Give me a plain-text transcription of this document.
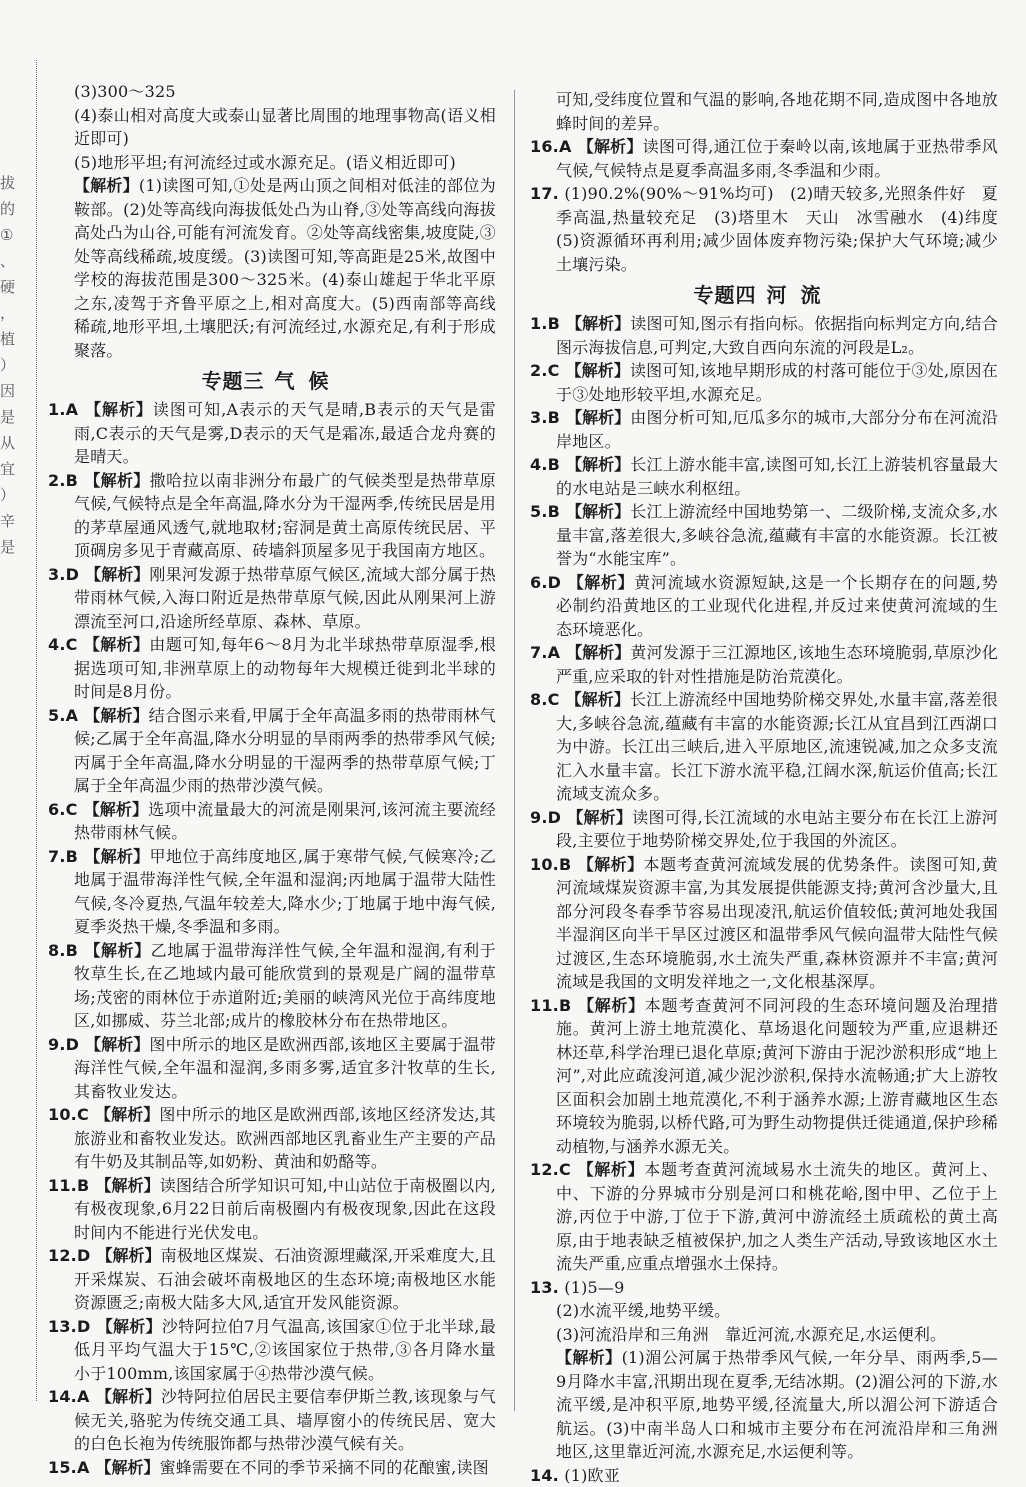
拔
的
①
、
硬
，
植
）
因
是
从
宜
）
辛
是

(3)300～325

(4)泰山相对高度大或泰山显著比周围的地理事物高(语义相近即可)

(5)地形平坦;有河流经过或水源充足。(语义相近即可)

【解析】(1)读图可知,①处是两山顶之间相对低洼的部位为鞍部。(2)处等高线向海拔低处凸为山脊,③处等高线向海拔高处凸为山谷,可能有河流发育。②处等高线密集,坡度陡,③处等高线稀疏,坡度缓。(3)读图可知,等高距是25米,故图中学校的海拔范围是300～325米。(4)泰山雄起于华北平原之东,凌驾于齐鲁平原之上,相对高度大。(5)西南部等高线稀疏,地形平坦,土壤肥沃;有河流经过,水源充足,有利于形成聚落。

专题三 气候

1.A 【解析】读图可知,A表示的天气是晴,B表示的天气是雷雨,C表示的天气是雾,D表示的天气是霜冻,最适合龙舟赛的是晴天。

2.B 【解析】撒哈拉以南非洲分布最广的气候类型是热带草原气候,气候特点是全年高温,降水分为干湿两季,传统民居是用的茅草屋通风透气,就地取材;窑洞是黄土高原传统民居、平顶碉房多见于青藏高原、砖墙斜顶屋多见于我国南方地区。

3.D 【解析】刚果河发源于热带草原气候区,流域大部分属于热带雨林气候,入海口附近是热带草原气候,因此从刚果河上游漂流至河口,沿途所经草原、森林、草原。

4.C 【解析】由题可知,每年6～8月为北半球热带草原湿季,根据选项可知,非洲草原上的动物每年大规模迁徙到北半球的时间是8月份。

5.A 【解析】结合图示来看,甲属于全年高温多雨的热带雨林气候;乙属于全年高温,降水分明显的旱雨两季的热带季风气候;丙属于全年高温,降水分明显的干湿两季的热带草原气候;丁属于全年高温少雨的热带沙漠气候。

6.C 【解析】选项中流量最大的河流是刚果河,该河流主要流经热带雨林气候。

7.B 【解析】甲地位于高纬度地区,属于寒带气候,气候寒冷;乙地属于温带海洋性气候,全年温和湿润;丙地属于温带大陆性气候,冬冷夏热,气温年较差大,降水少;丁地属于地中海气候,夏季炎热干燥,冬季温和多雨。

8.B 【解析】乙地属于温带海洋性气候,全年温和湿润,有利于牧草生长,在乙地域内最可能欣赏到的景观是广阔的温带草场;茂密的雨林位于赤道附近;美丽的峡湾风光位于高纬度地区,如挪威、芬兰北部;成片的橡胶林分布在热带地区。

9.D 【解析】图中所示的地区是欧洲西部,该地区主要属于温带海洋性气候,全年温和湿润,多雨多雾,适宜多汁牧草的生长,其畜牧业发达。

10.C 【解析】图中所示的地区是欧洲西部,该地区经济发达,其旅游业和畜牧业发达。欧洲西部地区乳畜业生产主要的产品有牛奶及其制品等,如奶粉、黄油和奶酪等。

11.B 【解析】读图结合所学知识可知,中山站位于南极圈以内,有极夜现象,6月22日前后南极圈内有极夜现象,因此在这段时间内不能进行光伏发电。

12.D 【解析】南极地区煤炭、石油资源埋藏深,开采难度大,且开采煤炭、石油会破坏南极地区的生态环境;南极地区水能资源匮乏;南极大陆多大风,适宜开发风能资源。

13.D 【解析】沙特阿拉伯7月气温高,该国家①位于北半球,最低月平均气温大于15℃,②该国家位于热带,③各月降水量小于100mm,该国家属于④热带沙漠气候。

14.A 【解析】沙特阿拉伯居民主要信奉伊斯兰教,该现象与气候无关,骆驼为传统交通工具、墙厚窗小的传统民居、宽大的白色长袍为传统服饰都与热带沙漠气候有关。

15.A 【解析】蜜蜂需要在不同的季节采摘不同的花酿蜜,读图

可知,受纬度位置和气温的影响,各地花期不同,造成图中各地放蜂时间的差异。

16.A 【解析】读图可得,通江位于秦岭以南,该地属于亚热带季风气候,气候特点是夏季高温多雨,冬季温和少雨。

17. (1)90.2%(90%～91%均可)　(2)晴天较多,光照条件好　夏季高温,热量较充足　(3)塔里木　天山　冰雪融水　(4)纬度　(5)资源循环再利用;减少固体废弃物污染;保护大气环境;减少土壤污染。

专题四 河流

1.B 【解析】读图可知,图示有指向标。依据指向标判定方向,结合图示海拔信息,可判定,大致自西向东流的河段是L₂。

2.C 【解析】读图可知,该地早期形成的村落可能位于③处,原因在于③处地形较平坦,水源充足。

3.B 【解析】由图分析可知,厄瓜多尔的城市,大部分分布在河流沿岸地区。

4.B 【解析】长江上游水能丰富,读图可知,长江上游装机容量最大的水电站是三峡水利枢纽。

5.B 【解析】长江上游流经中国地势第一、二级阶梯,支流众多,水量丰富,落差很大,多峡谷急流,蕴藏有丰富的水能资源。长江被誉为“水能宝库”。

6.D 【解析】黄河流域水资源短缺,这是一个长期存在的问题,势必制约沿黄地区的工业现代化进程,并反过来使黄河流域的生态环境恶化。

7.A 【解析】黄河发源于三江源地区,该地生态环境脆弱,草原沙化严重,应采取的针对性措施是防治荒漠化。

8.C 【解析】长江上游流经中国地势阶梯交界处,水量丰富,落差很大,多峡谷急流,蕴藏有丰富的水能资源;长江从宜昌到江西湖口为中游。长江出三峡后,进入平原地区,流速锐减,加之众多支流汇入水量丰富。长江下游水流平稳,江阔水深,航运价值高;长江流域支流众多。

9.D 【解析】读图可得,长江流域的水电站主要分布在长江上游河段,主要位于地势阶梯交界处,位于我国的外流区。

10.B 【解析】本题考查黄河流域发展的优势条件。读图可知,黄河流域煤炭资源丰富,为其发展提供能源支持;黄河含沙量大,且部分河段冬春季节容易出现凌汛,航运价值较低;黄河地处我国半湿润区向半干旱区过渡区和温带季风气候向温带大陆性气候过渡区,生态环境脆弱,水土流失严重,森林资源并不丰富;黄河流域是我国的文明发祥地之一,文化根基深厚。

11.B 【解析】本题考查黄河不同河段的生态环境问题及治理措施。黄河上游土地荒漠化、草场退化问题较为严重,应退耕还林还草,科学治理已退化草原;黄河下游由于泥沙淤积形成“地上河”,对此应疏浚河道,减少泥沙淤积,保持水流畅通;扩大上游牧区面积会加剧土地荒漠化,不利于涵养水源;上游青藏地区生态环境较为脆弱,以桥代路,可为野生动物提供迁徙通道,保护珍稀动植物,与涵养水源无关。

12.C 【解析】本题考查黄河流域易水土流失的地区。黄河上、中、下游的分界城市分别是河口和桃花峪,图中甲、乙位于上游,丙位于中游,丁位于下游,黄河中游流经土质疏松的黄土高原,由于地表缺乏植被保护,加之人类生产活动,导致该地区水土流失严重,应重点增强水土保持。

13. (1)5—9

(2)水流平缓,地势平缓。

(3)河流沿岸和三角洲　靠近河流,水源充足,水运便利。

【解析】(1)湄公河属于热带季风气候,一年分旱、雨两季,5—9月降水丰富,汛期出现在夏季,无结冰期。(2)湄公河的下游,水流平缓,是冲积平原,地势平缓,径流量大,所以湄公河下游适合航运。(3)中南半岛人口和城市主要分布在河流沿岸和三角洲地区,这里靠近河流,水源充足,水运便利等。

14. (1)欧亚
